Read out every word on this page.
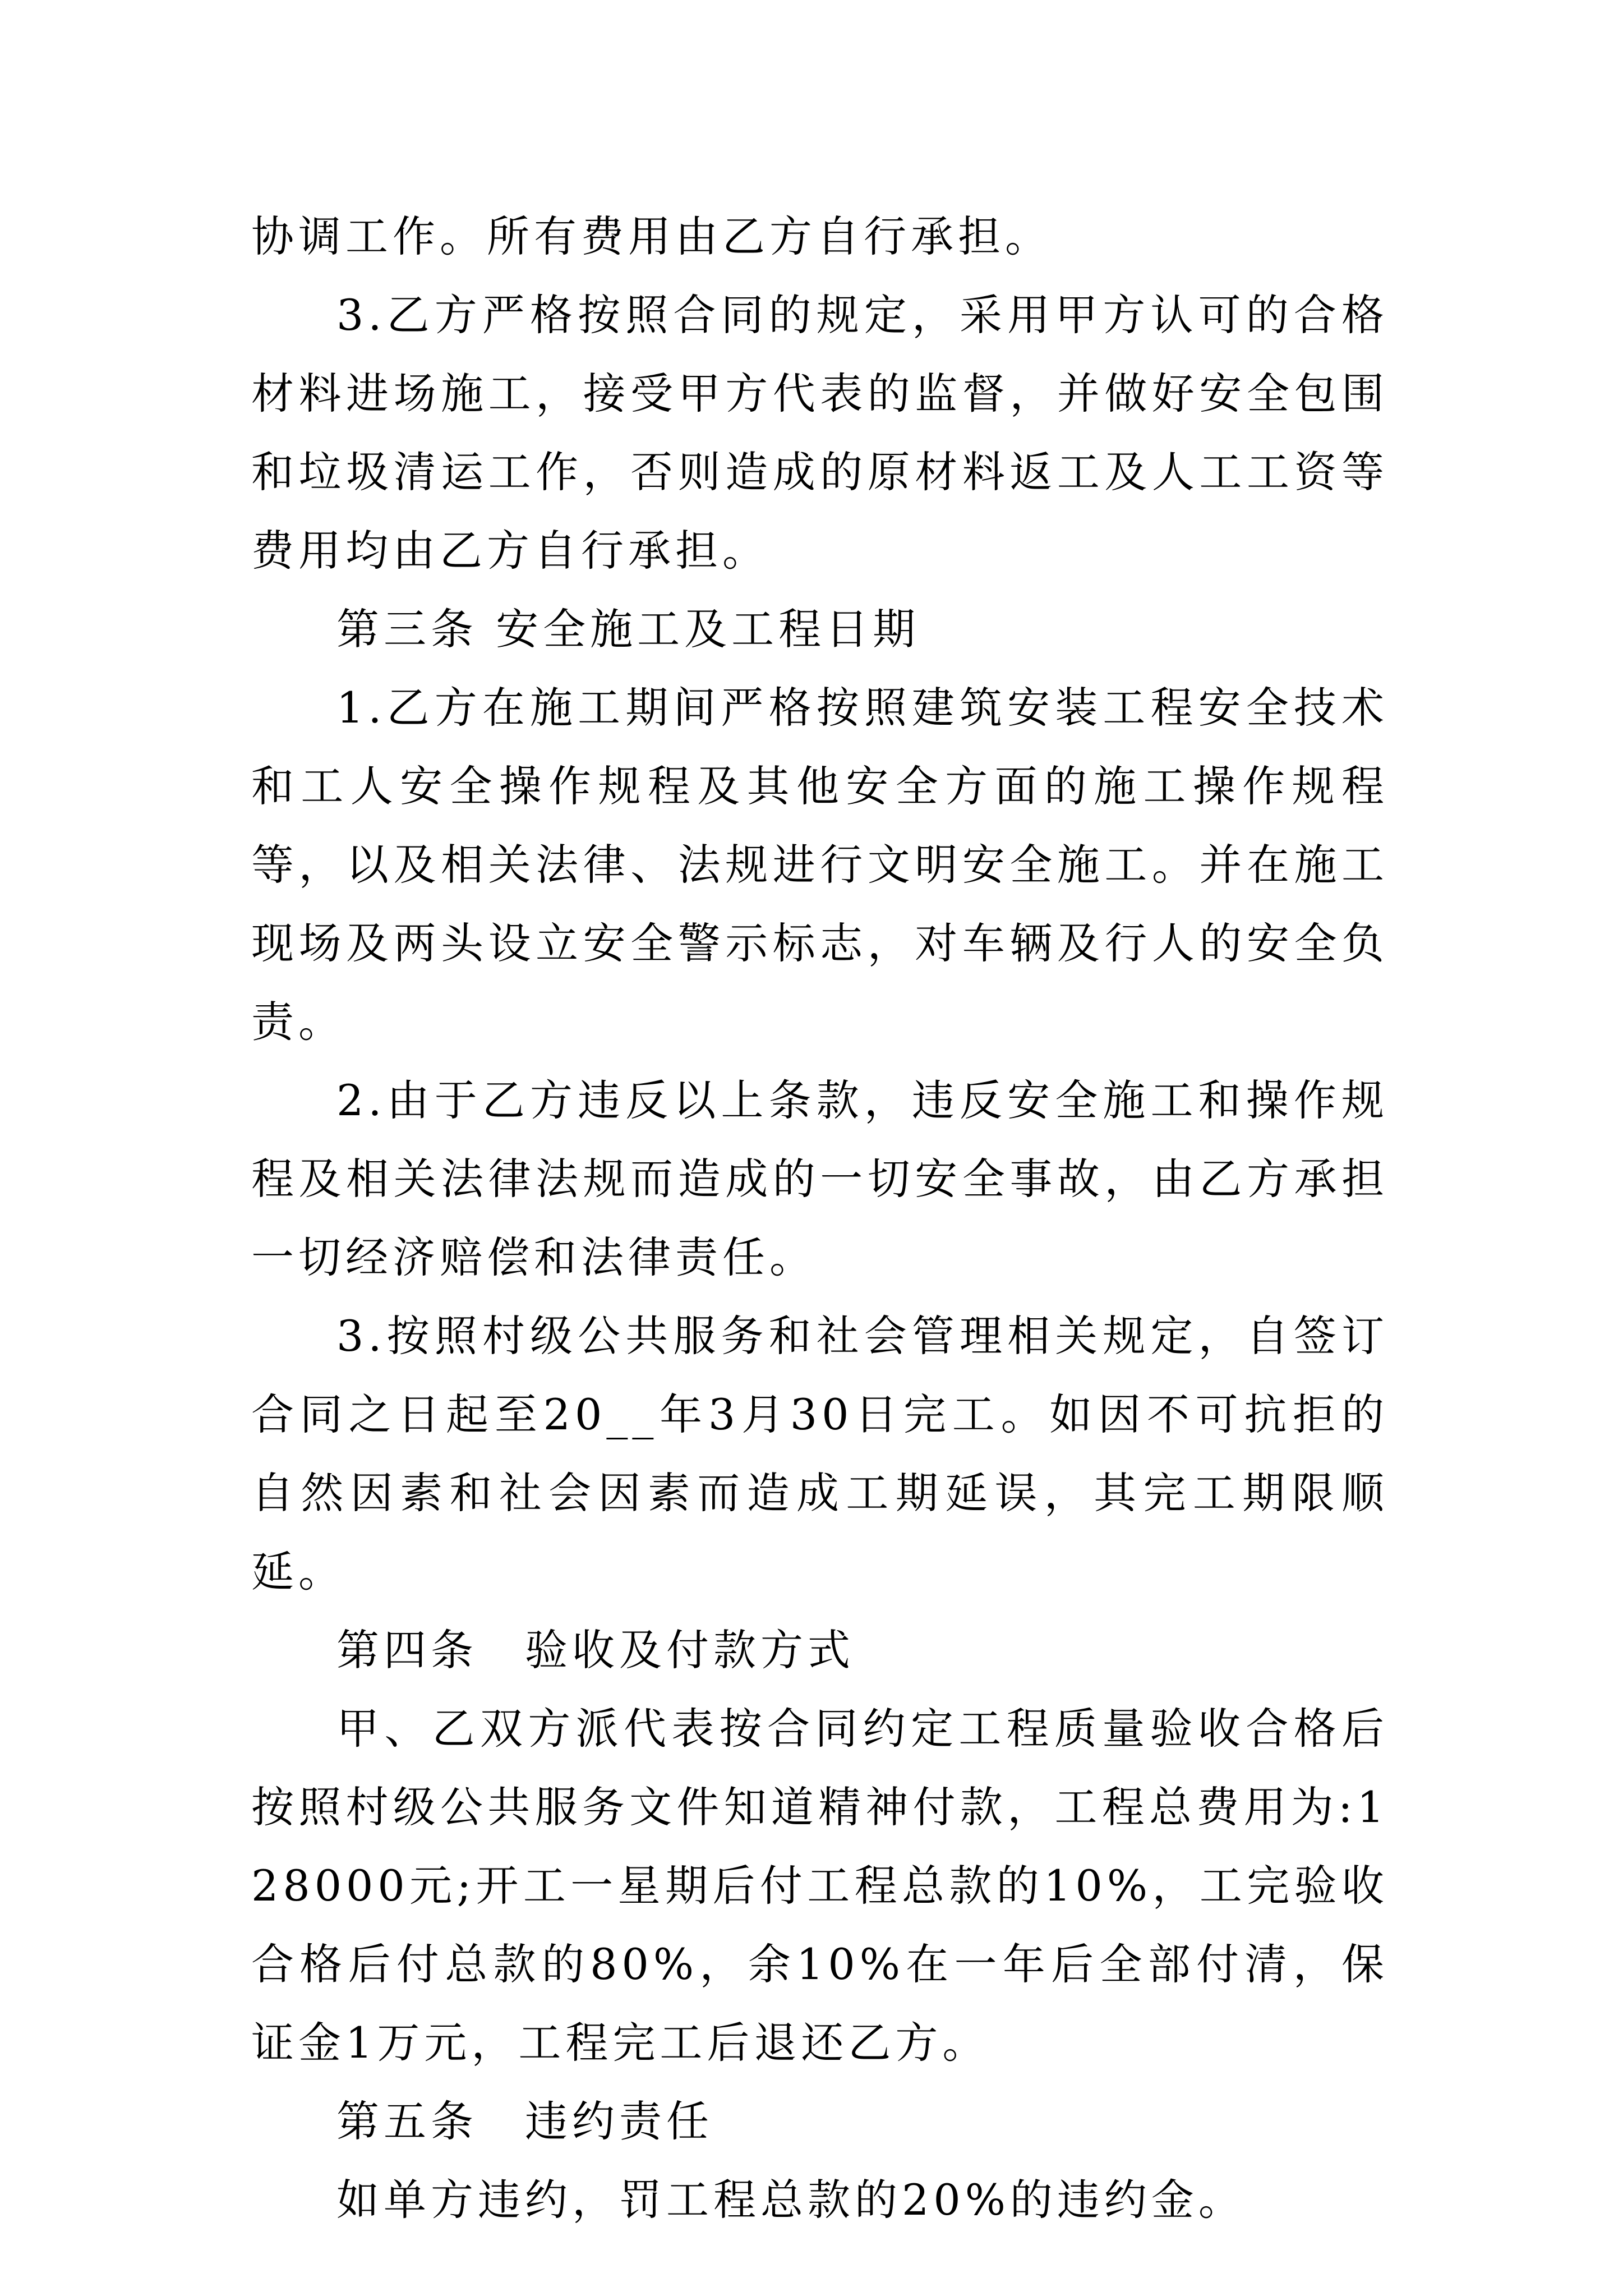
协调工作。所有费用由乙方自行承担。

3.乙方严格按照合同的规定，采用甲方认可的合格材料进场施工，接受甲方代表的监督，并做好安全包围和垃圾清运工作，否则造成的原材料返工及人工工资等费用均由乙方自行承担。

第三条 安全施工及工程日期

1.乙方在施工期间严格按照建筑安装工程安全技术和工人安全操作规程及其他安全方面的施工操作规程等，以及相关法律、法规进行文明安全施工。并在施工现场及两头设立安全警示标志，对车辆及行人的安全负责。

2.由于乙方违反以上条款，违反安全施工和操作规程及相关法律法规而造成的一切安全事故，由乙方承担一切经济赔偿和法律责任。

3.按照村级公共服务和社会管理相关规定，自签订合同之日起至20__年3月30日完工。如因不可抗拒的自然因素和社会因素而造成工期延误，其完工期限顺延。

第四条　验收及付款方式

甲、乙双方派代表按合同约定工程质量验收合格后按照村级公共服务文件知道精神付款，工程总费用为:128000元;开工一星期后付工程总款的10%，工完验收合格后付总款的80%，余10%在一年后全部付清，保证金1万元，工程完工后退还乙方。

第五条　违约责任

如单方违约，罚工程总款的20%的违约金。
